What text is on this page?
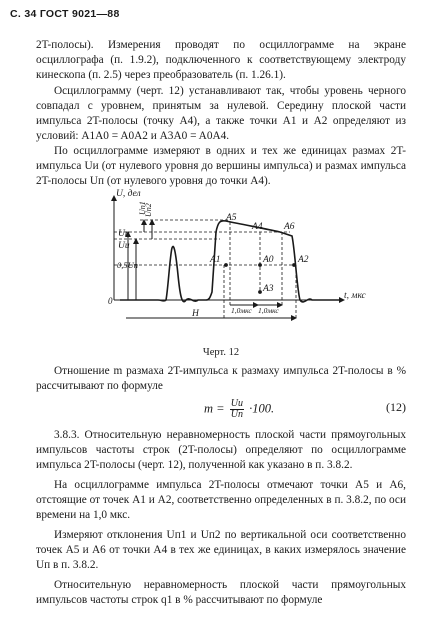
С. 34 ГОСТ 9021—88
2T-полосы). Измерения проводят по осциллограмме на экране осциллографа (п. 1.9.2), подключенного к соответствующему электроду кинескопа (п. 2.5) через преобразователь (п. 1.26.1).
Осциллограмму (черт. 12) устанавливают так, чтобы уровень черного совпадал с уровнем, принятым за нулевой. Середину плоской части импульса 2T-полосы (точку A4), а также точки A1 и A2 определяют из условий: A1A0 = A0A2 и A3A0 = A0A4.
По осциллограмме измеряют в одних и тех же единицах размах 2T-импульса Uи (от нулевого уровня до вершины импульса) и размах импульса 2T-полосы Uп (от нулевого уровня до точки A4).
U, дел
t, мкс
0
Uп
Uи
0,5Uп
Uп1
Uп2
A5
A4 A6
A1	A0	A2
A3
H	1,0мкс 1,0мкс
Черт. 12
Отношение m размаха 2T-импульса к размаху импульса 2T-полосы в % рассчитывают по формуле
$m = \frac{Uи}{Uп} \cdot 100$.	(12)
3.8.3. Относительную неравномерность плоской части прямоугольных импульсов частоты строк (2T-полосы) определяют по осциллограмме импульса 2T-полосы (черт. 12), полученной как указано в п. 3.8.2.
На осциллограмме импульса 2T-полосы отмечают точки A5 и A6, отстоящие от точек A1 и A2, соответственно определенных в п. 3.8.2, по оси времени на 1,0 мкс.
Измеряют отклонения Uп1 и Uп2 по вертикальной оси соответственно точек A5 и A6 от точки A4 в тех же единицах, в каких измерялось значение Uп в п. 3.8.2.
Относительную неравномерность плоской части прямоугольных импульсов частоты строк q1 в % рассчитывают по формуле
